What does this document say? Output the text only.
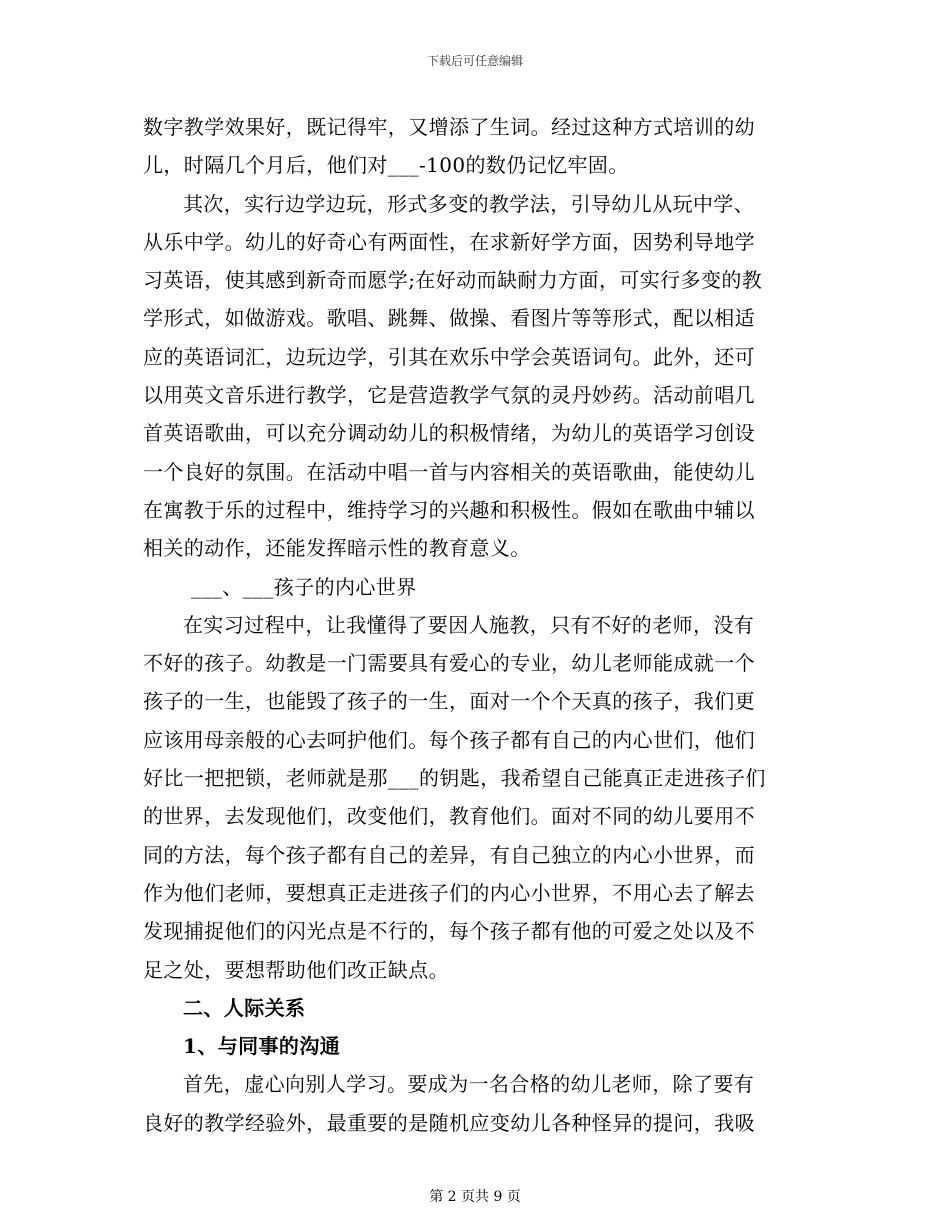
下载后可任意编辑
数字教学效果好，既记得牢，又增添了生词。经过这种方式培训的幼
儿，时隔几个月后，他们对___-100的数仍记忆牢固。
其次，实行边学边玩，形式多变的教学法，引导幼儿从玩中学、
从乐中学。幼儿的好奇心有两面性，在求新好学方面，因势利导地学
习英语，使其感到新奇而愿学;在好动而缺耐力方面，可实行多变的教
学形式，如做游戏。歌唱、跳舞、做操、看图片等等形式，配以相适
应的英语词汇，边玩边学，引其在欢乐中学会英语词句。此外，还可
以用英文音乐进行教学，它是营造教学气氛的灵丹妙药。活动前唱几
首英语歌曲，可以充分调动幼儿的积极情绪，为幼儿的英语学习创设
一个良好的氛围。在活动中唱一首与内容相关的英语歌曲，能使幼儿
在寓教于乐的过程中，维持学习的兴趣和积极性。假如在歌曲中辅以
相关的动作，还能发挥暗示性的教育意义。
___、___孩子的内心世界
在实习过程中，让我懂得了要因人施教，只有不好的老师，没有
不好的孩子。幼教是一门需要具有爱心的专业，幼儿老师能成就一个
孩子的一生，也能毁了孩子的一生，面对一个个天真的孩子，我们更
应该用母亲般的心去呵护他们。每个孩子都有自己的内心世们，他们
好比一把把锁，老师就是那___的钥匙，我希望自己能真正走进孩子们
的世界，去发现他们，改变他们，教育他们。面对不同的幼儿要用不
同的方法，每个孩子都有自己的差异，有自己独立的内心小世界，而
作为他们老师，要想真正走进孩子们的内心小世界，不用心去了解去
发现捕捉他们的闪光点是不行的，每个孩子都有他的可爱之处以及不
足之处，要想帮助他们改正缺点。
二、人际关系
1、与同事的沟通
首先，虚心向别人学习。要成为一名合格的幼儿老师，除了要有
良好的教学经验外，最重要的是随机应变幼儿各种怪异的提问，我吸
第 2 页共 9 页
